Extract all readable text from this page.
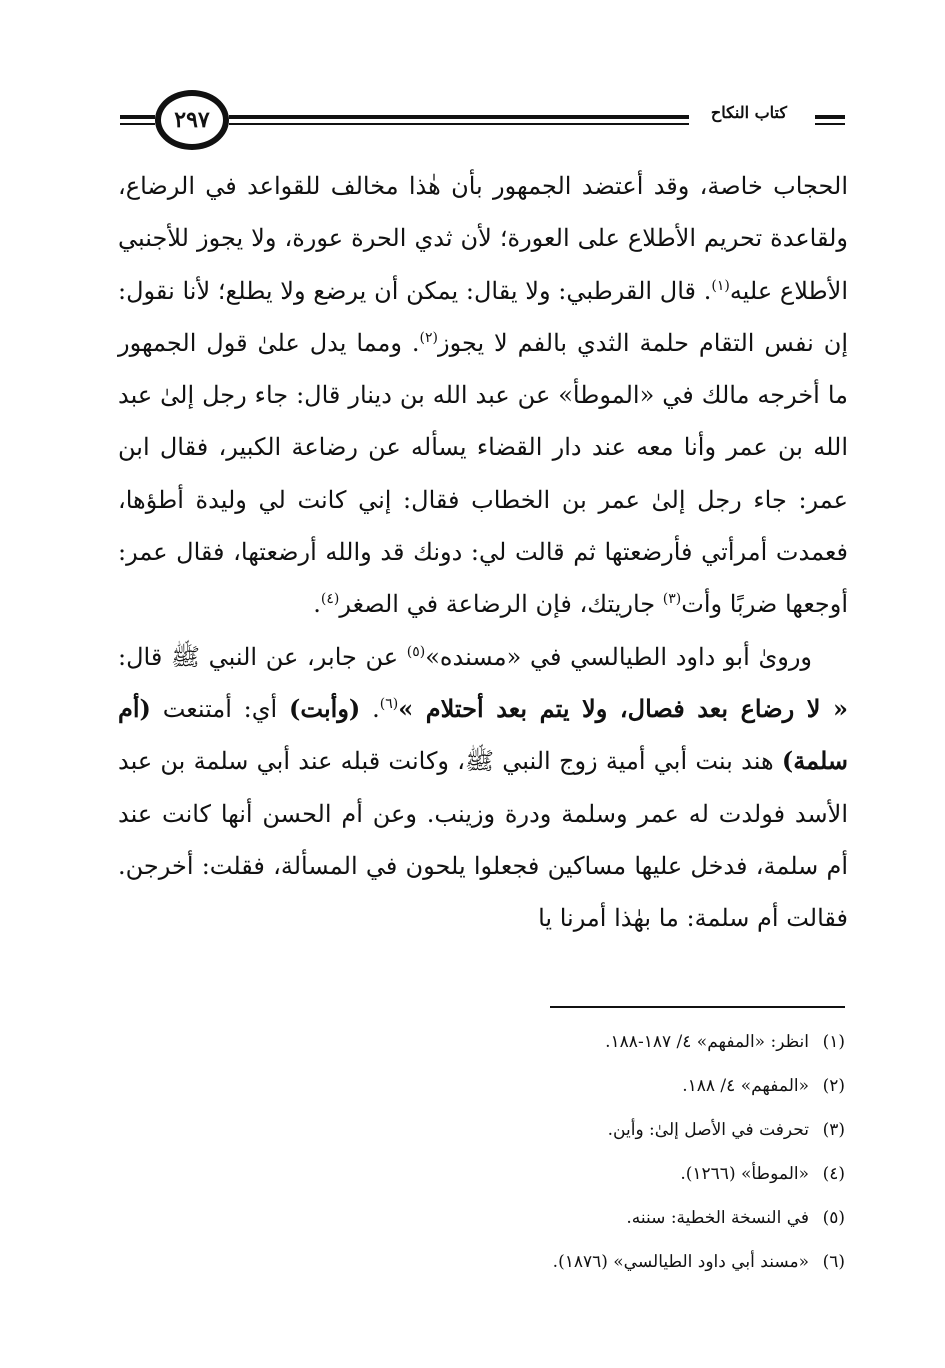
كتاب النكاح
٢٩٧

الحجاب خاصة، وقد أعتضد الجمهور بأن هٰذا مخالف للقواعد في الرضاع، ولقاعدة تحريم الأطلاع على العورة؛ لأن ثدي الحرة عورة، ولا يجوز للأجنبي الأطلاع عليه$^{(١)}$. قال القرطبي: ولا يقال: يمكن أن يرضع ولا يطلع؛ لأنا نقول: إن نفس التقام حلمة الثدي بالفم لا يجوز$^{(٢)}$. ومما يدل علىٰ قول الجمهور ما أخرجه مالك في «الموطأ» عن عبد الله بن دينار قال: جاء رجل إلىٰ عبد الله بن عمر وأنا معه عند دار القضاء يسأله عن رضاعة الكبير، فقال ابن عمر: جاء رجل إلىٰ عمر بن الخطاب فقال: إني كانت لي وليدة أطؤها، فعمدت أمرأتي فأرضعتها ثم قالت لي: دونك قد والله أرضعتها، فقال عمر: أوجعها ضربًا وأت$^{(٣)}$ جاريتك، فإن الرضاعة في الصغر$^{(٤)}$.

وروىٰ أبو داود الطيالسي في «مسنده»$^{(٥)}$ عن جابر، عن النبي ﷺ قال: « لا رضاع بعد فصال، ولا يتم بعد أحتلام »$^{(٦)}$. (وأبت) أي: أمتنعت (أم سلمة) هند بنت أبي أمية زوج النبي ﷺ، وكانت قبله عند أبي سلمة بن عبد الأسد فولدت له عمر وسلمة ودرة وزينب. وعن أم الحسن أنها كانت عند أم سلمة، فدخل عليها مساكين فجعلوا يلحون في المسألة، فقلت: أخرجن. فقالت أم سلمة: ما بهٰذا أمرنا يا

(١)انظر: «المفهم» ٤/ ١٨٧-١٨٨.
(٢)«المفهم» ٤/ ١٨٨.
(٣)تحرفت في الأصل إلىٰ: وأين.
(٤)«الموطأ» (١٢٦٦).
(٥)في النسخة الخطية: سننه.
(٦)«مسند أبي داود الطيالسي» (١٨٧٦).
